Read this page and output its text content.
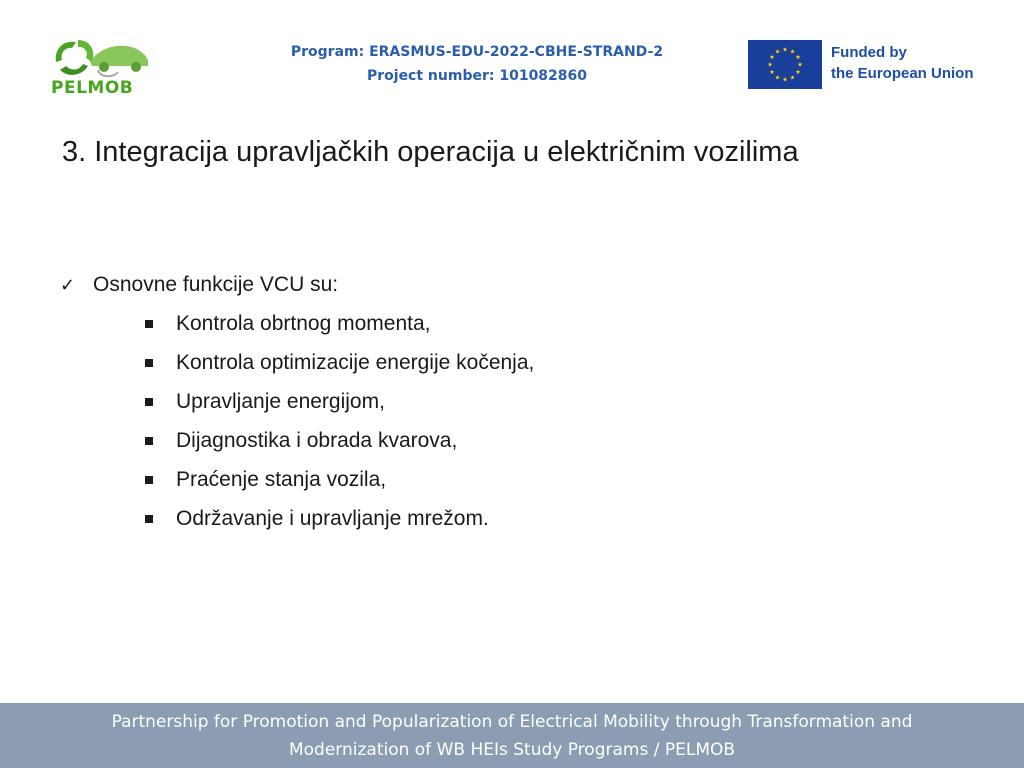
PELMOB
Program: ERASMUS-EDU-2022-CBHE-STRAND-2
Project number: 101082860
Funded by
the European Union
3. Integracija upravljačkih operacija u električnim vozilima
✓ Osnovne funkcije VCU su:
Kontrola obrtnog momenta,
Kontrola optimizacije energije kočenja,
Upravljanje energijom,
Dijagnostika i obrada kvarova,
Praćenje stanja vozila,
Održavanje i upravljanje mrežom.
Partnership for Promotion and Popularization of Electrical Mobility through Transformation and
Modernization of WB HEIs Study Programs / PELMOB
